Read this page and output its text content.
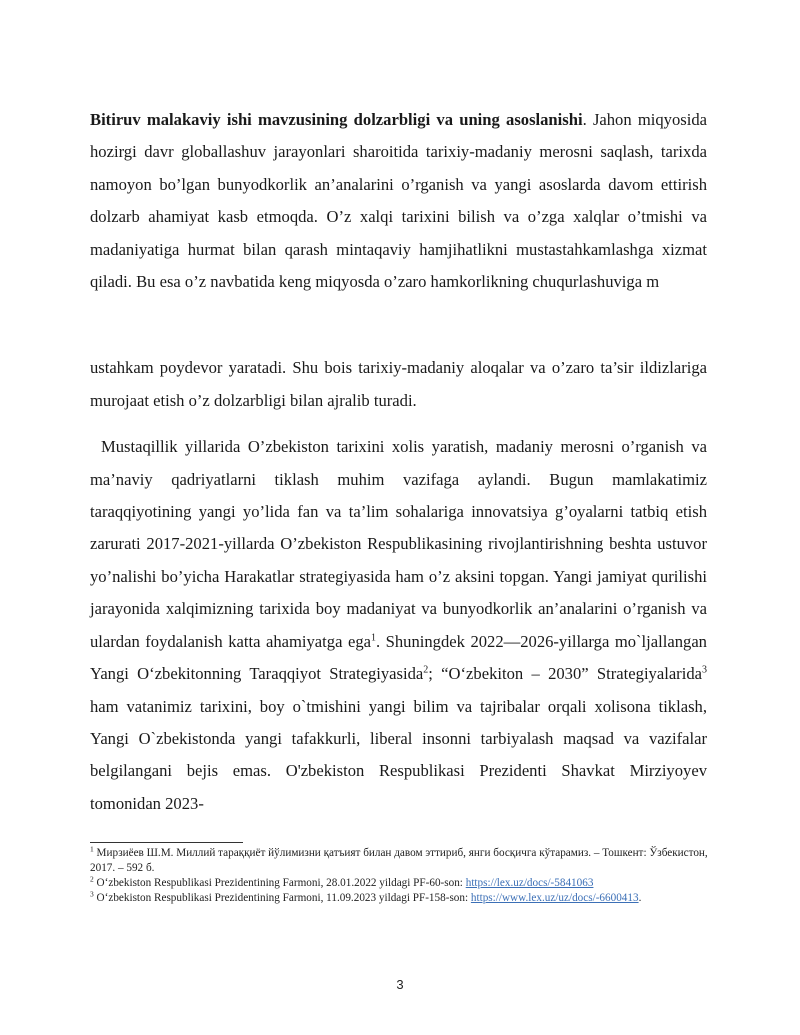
Bitiruv malakaviy ishi mavzusining dolzarbligi va uning asoslanishi. Jahon miqyosida hozirgi davr globallashuv jarayonlari sharoitida tarixiy-madaniy merosni saqlash, tarixda namoyon bo’lgan bunyodkorlik an’analarini o’rganish va yangi asoslarda davom ettirish dolzarb ahamiyat kasb etmoqda. O’z xalqi tarixini bilish va o’zga xalqlar o’tmishi va madaniyatiga hurmat bilan qarash mintaqaviy hamjihatlikni mustastahkamlashga xizmat qiladi. Bu esa o’z navbatida keng miqyosda o’zaro hamkorlikning chuqurlashuviga m

ustahkam poydevor yaratadi. Shu bois tarixiy-madaniy aloqalar va o’zaro ta’sir ildizlariga murojaat etish o’z dolzarbligi bilan ajralib turadi.

Mustaqillik yillarida O’zbekiston tarixini xolis yaratish, madaniy merosni o’rganish va ma’naviy qadriyatlarni tiklash muhim vazifaga aylandi. Bugun mamlakatimiz taraqqiyotining yangi yo’lida fan va ta’lim sohalariga innovatsiya g’oyalarni tatbiq etish zarurati 2017-2021-yillarda O’zbekiston Respublikasining rivojlantirishning beshta ustuvor yo’nalishi bo’yicha Harakatlar strategiyasida ham o’z aksini topgan. Yangi jamiyat qurilishi jarayonida xalqimizning tarixida boy madaniyat va bunyodkorlik an’analarini o’rganish va ulardan foydalanish katta ahamiyatga ega$^1$. Shuningdek 2022—2026-yillarga mo`ljallangan Yangi O‘zbekitonning Taraqqiyot Strategiyasida$^2$; “O‘zbekiton – 2030” Strategiyalarida$^3$ ham vatanimiz tarixini, boy o`tmishini yangi bilim va tajribalar orqali xolisona tiklash, Yangi O`zbekistonda yangi tafakkurli, liberal insonni tarbiyalash maqsad va vazifalar belgilangani bejis emas. O'zbekiston Respublikasi Prezidenti Shavkat Mirziyoyev tomonidan 2023-

$^1$ Мирзиёев Ш.М. Миллий тараққиёт йўлимизни қатъият билан давом эттириб, янги босқичга кўтарамиз. – Тошкент: Ўзбекистон, 2017. – 592 б.

$^2$ O‘zbekiston Respublikasi Prezidentining Farmoni, 28.01.2022 yildagi PF-60-son: https://lex.uz/docs/-5841063

$^3$ O‘zbekiston Respublikasi Prezidentining Farmoni, 11.09.2023 yildagi PF-158-son: https://www.lex.uz/uz/docs/-6600413.

3
